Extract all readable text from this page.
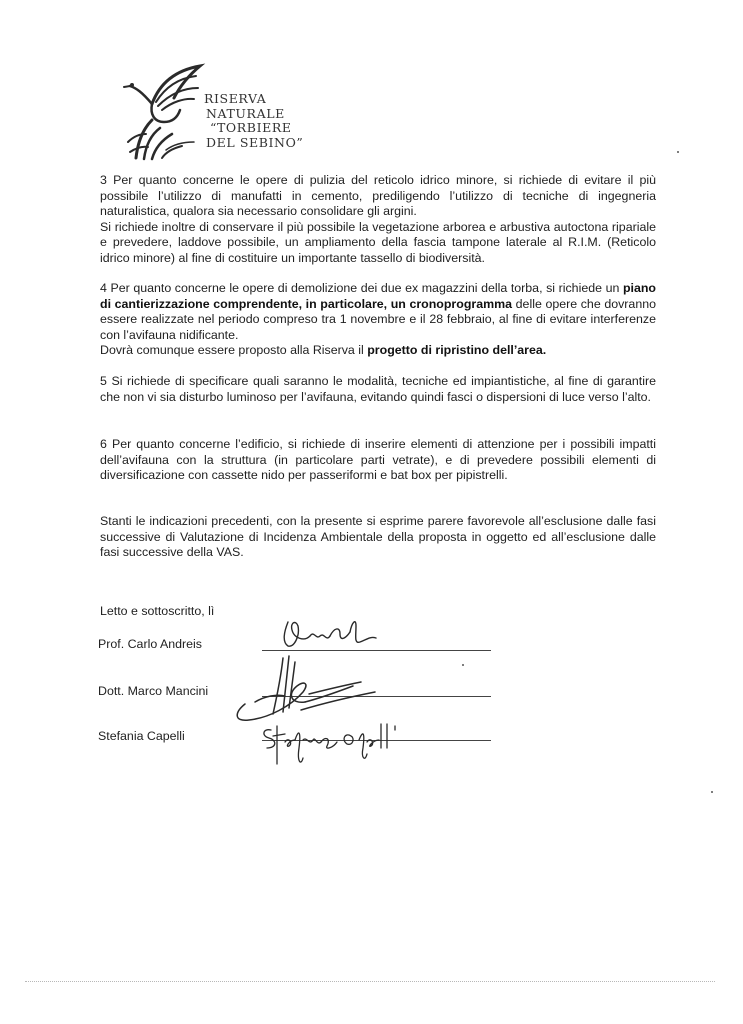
RISERVA
NATURALE
“TORBIERE
DEL SEBINO”

3 Per quanto concerne le opere di pulizia del reticolo idrico minore, si richiede di evitare il più possibile l’utilizzo di manufatti in cemento, prediligendo l’utilizzo di tecniche di ingegneria naturalistica, qualora sia necessario consolidare gli argini.

Si richiede inoltre di conservare il più possibile la vegetazione arborea e arbustiva autoctona ripariale e prevedere, laddove possibile, un ampliamento della fascia tampone laterale al R.I.M. (Reticolo idrico minore) al fine di costituire un importante tassello di biodiversità.

4 Per quanto concerne le opere di demolizione dei due ex magazzini della torba, si richiede un piano di cantierizzazione comprendente, in particolare, un cronoprogramma delle opere che dovranno essere realizzate nel periodo compreso tra 1 novembre e il 28 febbraio, al fine di evitare interferenze con l’avifauna nidificante.

Dovrà comunque essere proposto alla Riserva il progetto di ripristino dell’area.

5 Si richiede di specificare quali saranno le modalità, tecniche ed impiantistiche, al fine di garantire che non vi sia disturbo luminoso per l’avifauna, evitando quindi fasci o dispersioni di luce verso l’alto.

6 Per quanto concerne l’edificio, si richiede di inserire elementi di attenzione per i possibili impatti dell’avifauna con la struttura (in particolare parti vetrate), e di prevedere possibili elementi di diversificazione con cassette nido per passeriformi e bat box per pipistrelli.

Stanti le indicazioni precedenti, con la presente si esprime parere favorevole all’esclusione dalle fasi successive di Valutazione di Incidenza Ambientale della proposta in oggetto ed all’esclusione dalle fasi successive della VAS.

Letto e sottoscritto, lì
Prof. Carlo Andreis
Dott. Marco Mancini
Stefania Capelli
